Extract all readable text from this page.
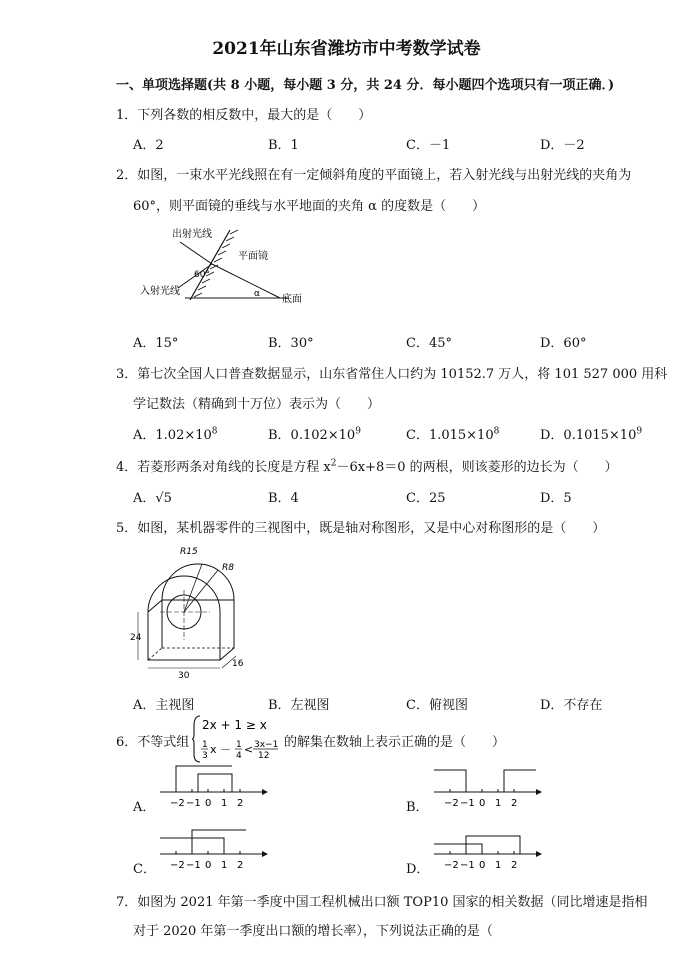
2021年山东省潍坊市中考数学试卷
一、单项选择题(共 8 小题，每小题 3 分，共 24 分．每小题四个选项只有一项正确．)
1．下列各数的相反数中，最大的是（　　）
A．2	B．1	C．－1	D．－2
2．如图，一束水平光线照在有一定倾斜角度的平面镜上，若入射光线与出射光线的夹角为
60°，则平面镜的垂线与水平地面的夹角 α 的度数是（　　）
出射光线
平面镜
入射光线
底面
60°
α
A．15°	B．30°	C．45°	D．60°
3．第七次全国人口普查数据显示，山东省常住人口约为 10152.7 万人，将 101 527 000 用科
学记数法（精确到十万位）表示为（　　）
A．$1.02\times 10^8$	B．$0.102\times 10^9$	C．$1.015\times 10^8$	D．$0.1015\times 10^9$
4．若菱形两条对角线的长度是方程 $x^2-6x+8=0$ 的两根，则该菱形的边长为（　　）
A．√5	B．4	C．25	D．5
5．如图，某机器零件的三视图中，既是轴对称图形，又是中心对称图形的是（　　）
R15
R8
24
30
16
A．主视图	B．左视图	C．俯视图	D．不存在
6．不等式组
2x + 1 ≥ x
1
3 x － 1
4 < 3x−1
12
的解集在数轴上表示正确的是（　　）
A．	B．
C．	D．
−2 −1 0 1 2	−2 −1 0 1 2
−2 −1 0 1 2	−2 −1 0 1 2
7．如图为 2021 年第一季度中国工程机械出口额 TOP10 国家的相关数据（同比增速是指相
对于 2020 年第一季度出口额的增长率），下列说法正确的是（
